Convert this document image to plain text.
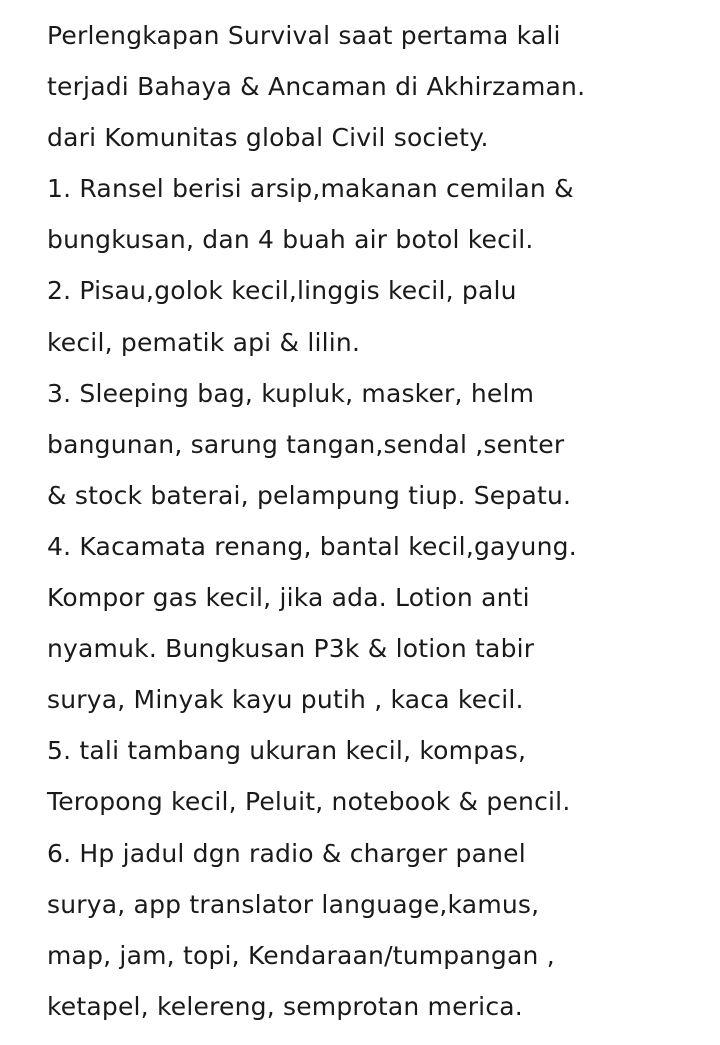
Perlengkapan Survival saat pertama kali
terjadi Bahaya & Ancaman di Akhirzaman.
dari Komunitas global Civil society.
1. Ransel berisi arsip,makanan cemilan &
bungkusan, dan 4 buah air botol kecil.
2. Pisau,golok kecil,linggis kecil, palu
kecil, pematik api & lilin.
3. Sleeping bag, kupluk, masker, helm
bangunan, sarung tangan,sendal ,senter
& stock baterai, pelampung tiup. Sepatu.
4. Kacamata renang, bantal kecil,gayung.
Kompor gas kecil, jika ada. Lotion anti
nyamuk. Bungkusan P3k & lotion tabir
surya, Minyak kayu putih , kaca kecil.
5. tali tambang ukuran kecil, kompas,
Teropong kecil, Peluit, notebook & pencil.
6. Hp jadul dgn radio & charger panel
surya, app translator language,kamus,
map, jam, topi, Kendaraan/tumpangan ,
ketapel, kelereng, semprotan merica.
